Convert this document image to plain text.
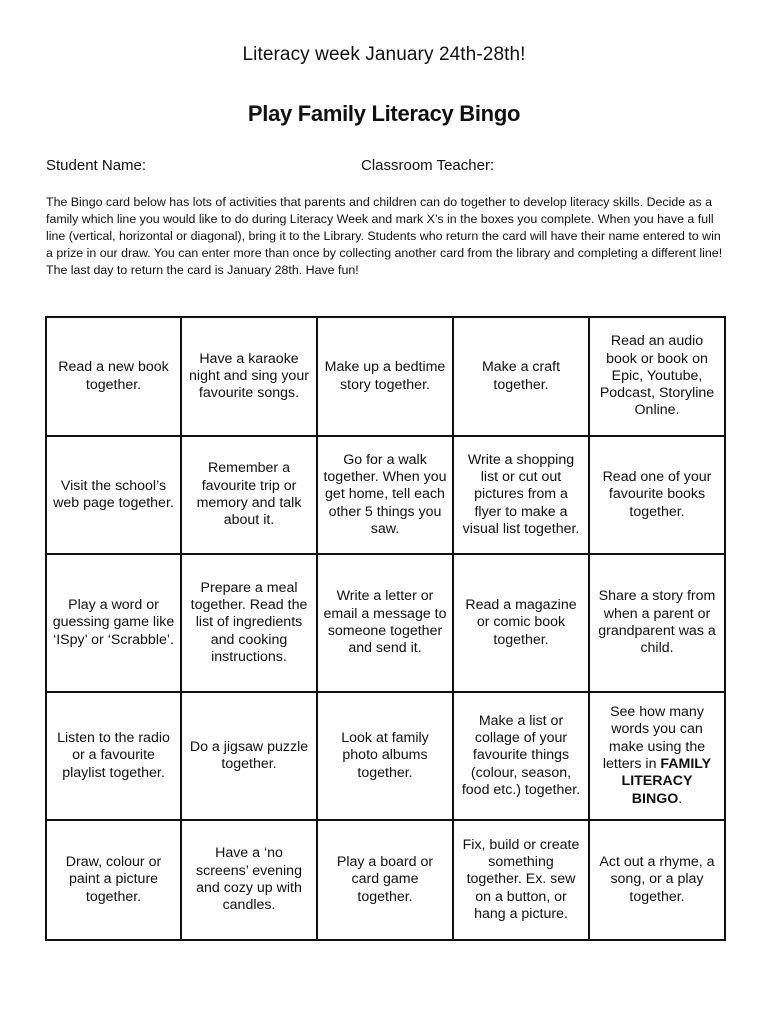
Literacy week January 24th-28th!
Play Family Literacy Bingo
Student Name:	Classroom Teacher:
The Bingo card below has lots of activities that parents and children can do together to develop literacy skills. Decide as a family which line you would like to do during Literacy Week and mark X’s in the boxes you complete. When you have a full line (vertical, horizontal or diagonal), bring it to the Library. Students who return the card will have their name entered to win a prize in our draw. You can enter more than once by collecting another card from the library and completing a different line! The last day to return the card is January 28th. Have fun!
Read a new book together.	Have a karaoke night and sing your favourite songs.	Make up a bedtime story together.	Make a craft together.	Read an audio book or book on Epic, Youtube, Podcast, Storyline Online.
Visit the school’s web page together.	Remember a favourite trip or memory and talk about it.	Go for a walk together. When you get home, tell each other 5 things you saw.	Write a shopping list or cut out pictures from a flyer to make a visual list together.	Read one of your favourite books together.
Play a word or guessing game like ‘ISpy’ or ‘Scrabble’.	Prepare a meal together. Read the list of ingredients and cooking instructions.	Write a letter or email a message to someone together and send it.	Read a magazine or comic book together.	Share a story from when a parent or grandparent was a child.
Listen to the radio or a favourite playlist together.	Do a jigsaw puzzle together.	Look at family photo albums together.	Make a list or collage of your favourite things (colour, season, food etc.) together.	See how many words you can make using the letters in FAMILY LITERACY BINGO.
Draw, colour or paint a picture together.	Have a ‘no screens’ evening and cozy up with candles.	Play a board or card game together.	Fix, build or create something together. Ex. sew on a button, or hang a picture.	Act out a rhyme, a song, or a play together.
